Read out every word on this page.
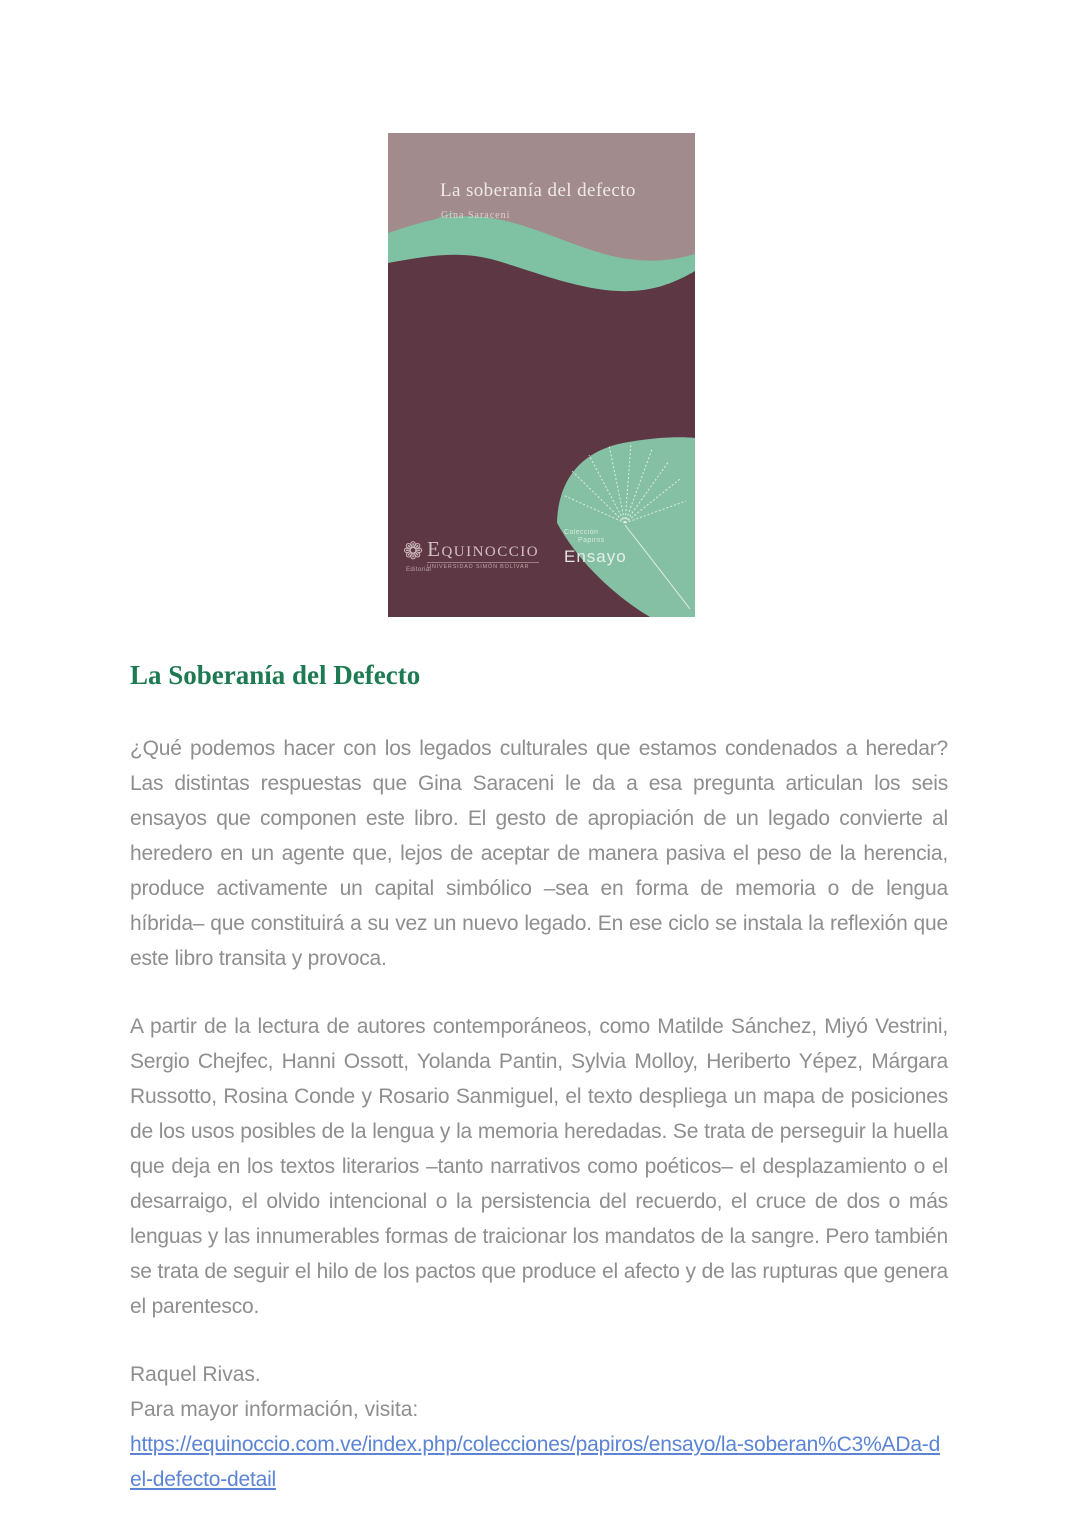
La soberanía del defecto
Gina Saraceni
❁
Editorial
EQUINOCCIO
UNIVERSIDAD SIMÓN BOLÍVAR
Colección
Papiros
Ensayo
La Soberanía del Defecto

¿Qué podemos hacer con los legados culturales que estamos condenados a heredar? Las distintas respuestas que Gina Saraceni le da a esa pregunta articulan los seis ensayos que componen este libro. El gesto de apropiación de un legado convierte al heredero en un agente que, lejos de aceptar de manera pasiva el peso de la herencia, produce activamente un capital simbólico –sea en forma de memoria o de lengua híbrida– que constituirá a su vez un nuevo legado. En ese ciclo se instala la reflexión que este libro transita y provoca.

A partir de la lectura de autores contemporáneos, como Matilde Sánchez, Miyó Vestrini, Sergio Chejfec, Hanni Ossott, Yolanda Pantin, Sylvia Molloy, Heriberto Yépez, Márgara Russotto, Rosina Conde y Rosario Sanmiguel, el texto despliega un mapa de posiciones de los usos posibles de la lengua y la memoria heredadas. Se trata de perseguir la huella que deja en los textos literarios –tanto narrativos como poéticos– el desplazamiento o el desarraigo, el olvido intencional o la persistencia del recuerdo, el cruce de dos o más lenguas y las innumerables formas de traicionar los mandatos de la sangre. Pero también se trata de seguir el hilo de los pactos que produce el afecto y de las rupturas que genera el parentesco.

Raquel Rivas.
Para mayor información, visita:
https://equinoccio.com.ve/index.php/colecciones/papiros/ensayo/la-soberan%C3%ADa-del-defecto-detail
